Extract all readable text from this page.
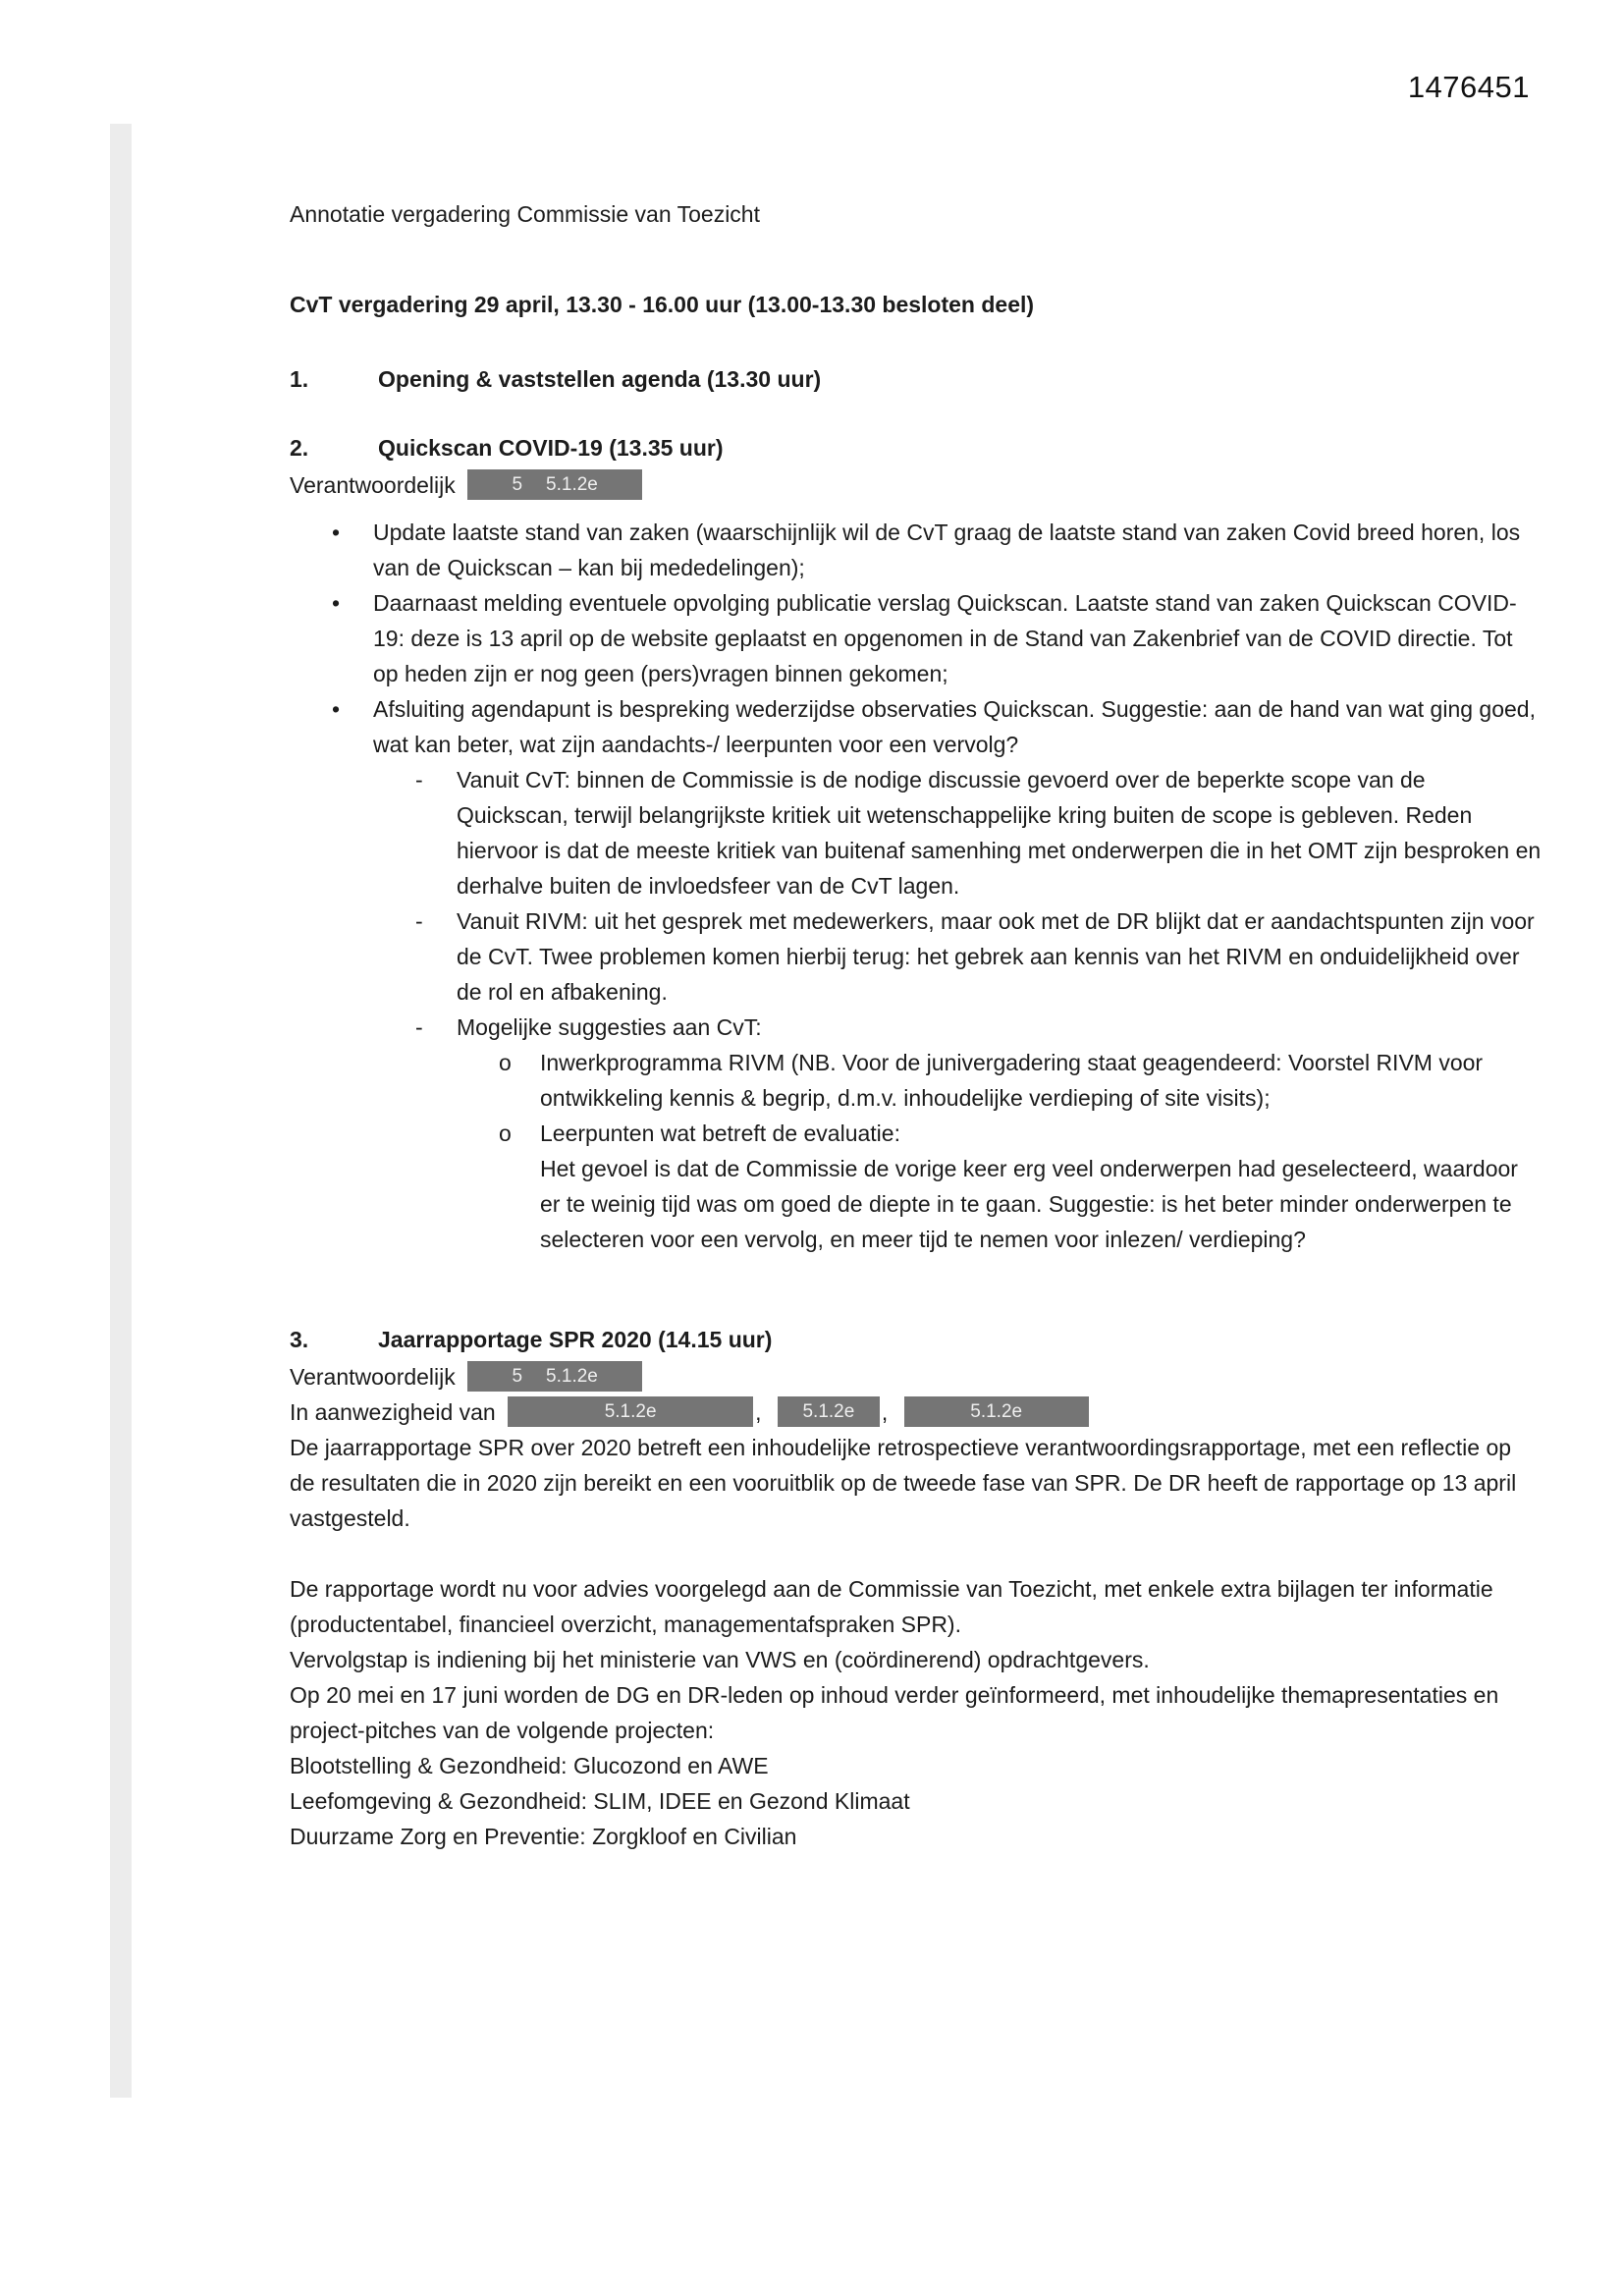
1476451
Annotatie vergadering Commissie van Toezicht
CvT vergadering 29 april, 13.30 - 16.00 uur (13.00-13.30 besloten deel)
1.	Opening & vaststellen agenda (13.30 uur)
2.	Quickscan COVID-19 (13.35 uur)
Verantwoordelijk	5 5.1.2e
•	Update laatste stand van zaken (waarschijnlijk wil de CvT graag de laatste stand van zaken Covid breed horen, los van de Quickscan – kan bij mededelingen);
•	Daarnaast melding eventuele opvolging publicatie verslag Quickscan. Laatste stand van zaken Quickscan COVID-19: deze is 13 april op de website geplaatst en opgenomen in de Stand van Zakenbrief van de COVID directie. Tot op heden zijn er nog geen (pers)vragen binnen gekomen;
•	Afsluiting agendapunt is bespreking wederzijdse observaties Quickscan. Suggestie: aan de hand van wat ging goed, wat kan beter, wat zijn aandachts-/ leerpunten voor een vervolg?
-	Vanuit CvT: binnen de Commissie is de nodige discussie gevoerd over de beperkte scope van de Quickscan, terwijl belangrijkste kritiek uit wetenschappelijke kring buiten de scope is gebleven. Reden hiervoor is dat de meeste kritiek van buitenaf samenhing met onderwerpen die in het OMT zijn besproken en derhalve buiten de invloedsfeer van de CvT lagen.
-	Vanuit RIVM: uit het gesprek met medewerkers, maar ook met de DR blijkt dat er aandachtspunten zijn voor de CvT. Twee problemen komen hierbij terug: het gebrek aan kennis van het RIVM en onduidelijkheid over de rol en afbakening.
-	Mogelijke suggesties aan CvT:
o	Inwerkprogramma RIVM (NB. Voor de junivergadering staat geagendeerd: Voorstel RIVM voor ontwikkeling kennis & begrip, d.m.v. inhoudelijke verdieping of site visits);
o	Leerpunten wat betreft de evaluatie:
Het gevoel is dat de Commissie de vorige keer erg veel onderwerpen had geselecteerd, waardoor er te weinig tijd was om goed de diepte in te gaan. Suggestie: is het beter minder onderwerpen te selecteren voor een vervolg, en meer tijd te nemen voor inlezen/ verdieping?
3.	Jaarrapportage SPR 2020 (14.15 uur)
Verantwoordelijk	5 5.1.2e
In aanwezigheid van	5.1.2e	, 5.1.2e ,	5.1.2e
De jaarrapportage SPR over 2020 betreft een inhoudelijke retrospectieve verantwoordingsrapportage, met een reflectie op de resultaten die in 2020 zijn bereikt en een vooruitblik op de tweede fase van SPR. De DR heeft de rapportage op 13 april vastgesteld.
De rapportage wordt nu voor advies voorgelegd aan de Commissie van Toezicht, met enkele extra bijlagen ter informatie (productentabel, financieel overzicht, managementafspraken SPR).
Vervolgstap is indiening bij het ministerie van VWS en (coördinerend) opdrachtgevers.
Op 20 mei en 17 juni worden de DG en DR-leden op inhoud verder geïnformeerd, met inhoudelijke themapresentaties en project-pitches van de volgende projecten:
Blootstelling & Gezondheid: Glucozond en AWE
Leefomgeving & Gezondheid: SLIM, IDEE en Gezond Klimaat
Duurzame Zorg en Preventie: Zorgkloof en Civilian
